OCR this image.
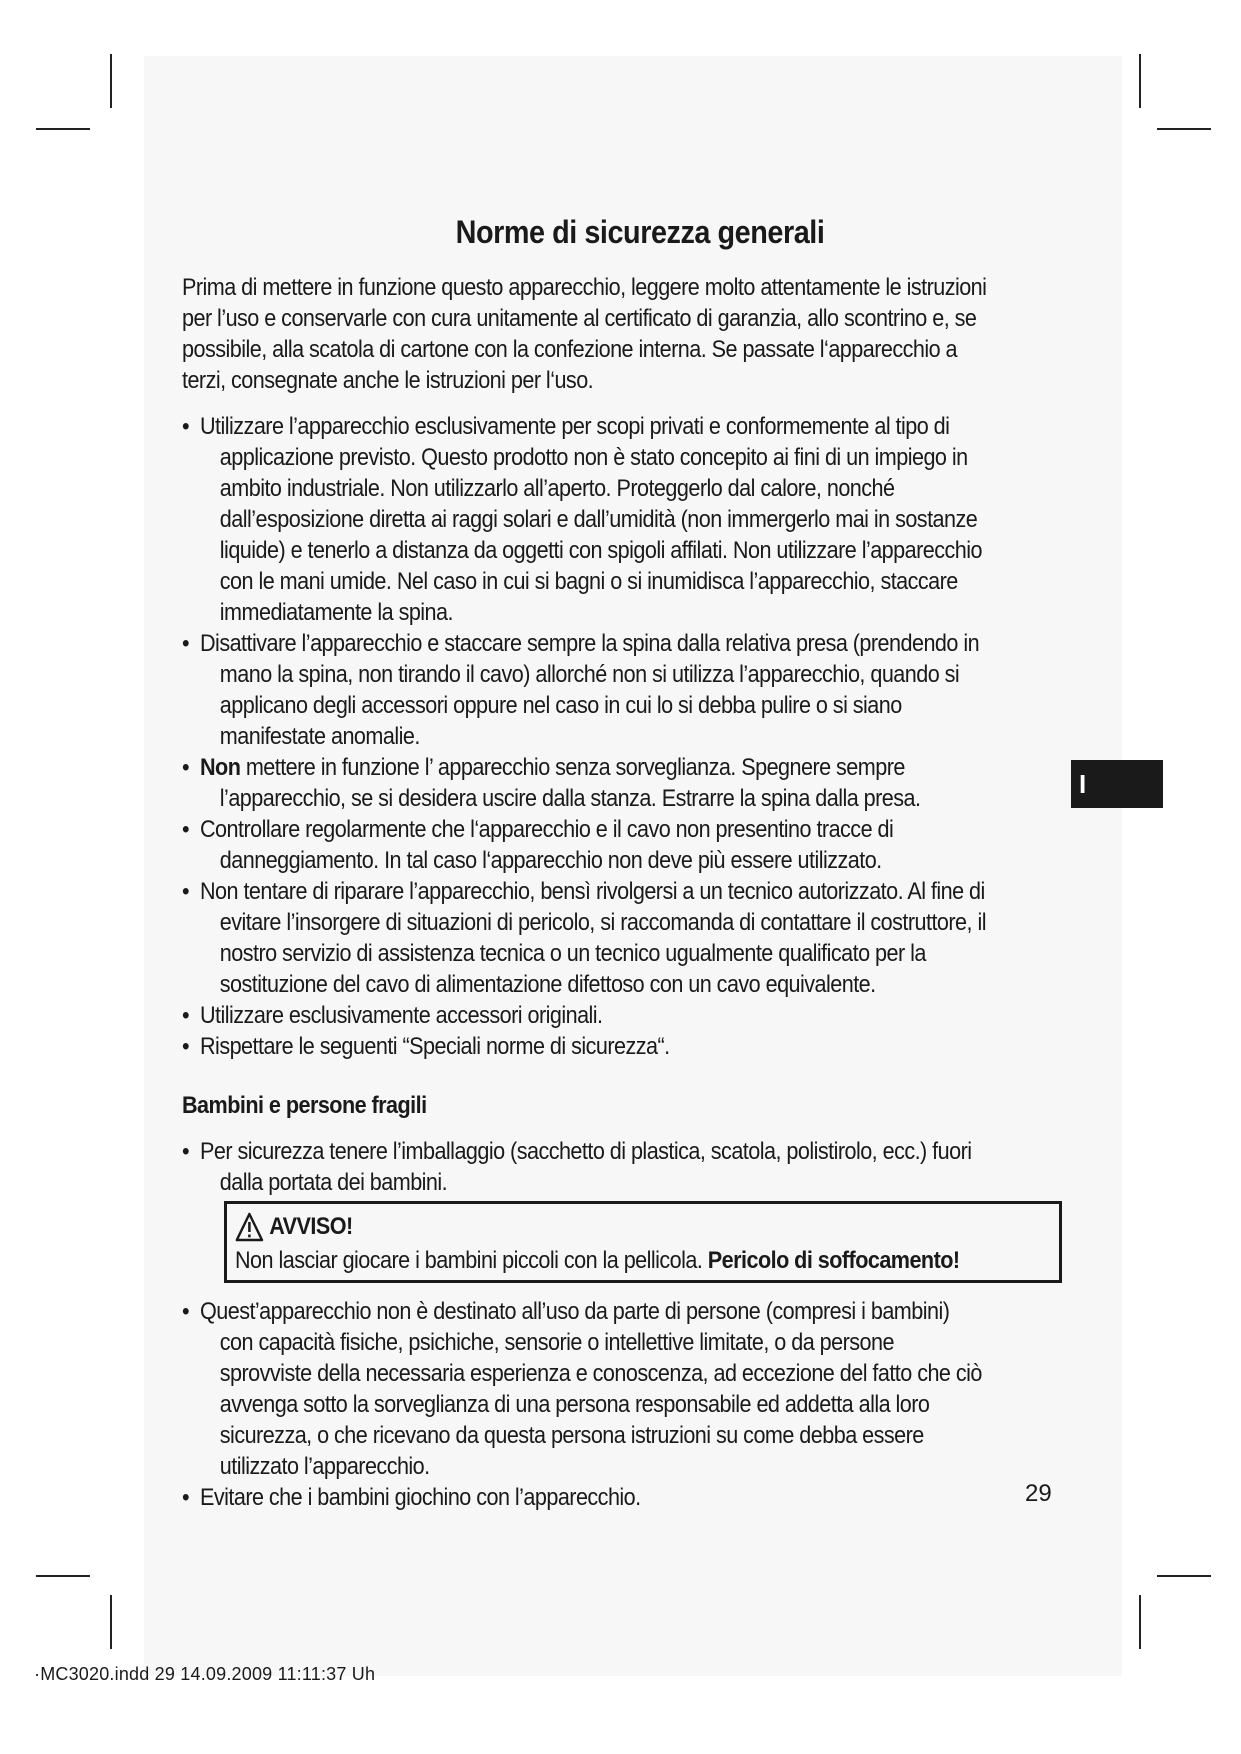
Norme di sicurezza generali

Prima di mettere in funzione questo apparecchio, leggere molto attentamente le istruzioni per l’uso e conservarle con cura unitamente al certificato di garanzia, allo scontrino e, se possibile, alla scatola di cartone con la confezione interna. Se passate l‘apparecchio a terzi, consegnate anche le istruzioni per l‘uso.

• Utilizzare l’apparecchio esclusivamente per scopi privati e conformemente al tipo di applicazione previsto. Questo prodotto non è stato concepito ai fini di un impiego in ambito industriale. Non utilizzarlo all’aperto. Proteggerlo dal calore, nonché dall’esposizione diretta ai raggi solari e dall’umidità (non immergerlo mai in sostanze liquide) e tenerlo a distanza da oggetti con spigoli affilati. Non utilizzare l’apparecchio con le mani umide. Nel caso in cui si bagni o si inumidisca l’apparecchio, staccare immediatamente la spina.
• Disattivare l’apparecchio e staccare sempre la spina dalla relativa presa (prendendo in mano la spina, non tirando il cavo) allorché non si utilizza l’apparecchio, quando si applicano degli accessori oppure nel caso in cui lo si debba pulire o si siano manifestate anomalie.
• Non mettere in funzione l’ apparecchio senza sorveglianza. Spegnere sempre l’apparecchio, se si desidera uscire dalla stanza. Estrarre la spina dalla presa.
• Controllare regolarmente che l‘apparecchio e il cavo non presentino tracce di danneggiamento. In tal caso l‘apparecchio non deve più essere utilizzato.
• Non tentare di riparare l’apparecchio, bensì rivolgersi a un tecnico autorizzato. Al fine di evitare l’insorgere di situazioni di pericolo, si raccomanda di contattare il costruttore, il nostro servizio di assistenza tecnica o un tecnico ugualmente qualificato per la sostituzione del cavo di alimentazione difettoso con un cavo equivalente.
• Utilizzare esclusivamente accessori originali.
• Rispettare le seguenti “Speciali norme di sicurezza“.
Bambini e persone fragili
• Per sicurezza tenere l’imballaggio (sacchetto di plastica, scatola, polistirolo, ecc.) fuori dalla portata dei bambini.
AVVISO!
Non lasciar giocare i bambini piccoli con la pellicola. Pericolo di soffocamento!
• Quest’apparecchio non è destinato all’uso da parte di persone (compresi i bambini) con capacità fisiche, psichiche, sensorie o intellettive limitate, o da persone sprovviste della necessaria esperienza e conoscenza, ad eccezione del fatto che ciò avvenga sotto la sorveglianza di una persona responsabile ed addetta alla loro sicurezza, o che ricevano da questa persona istruzioni su come debba essere utilizzato l’apparecchio.
• Evitare che i bambini giochino con l’apparecchio.
I
29
·MC3020.indd 29 14.09.2009 11:11:37 Uh
